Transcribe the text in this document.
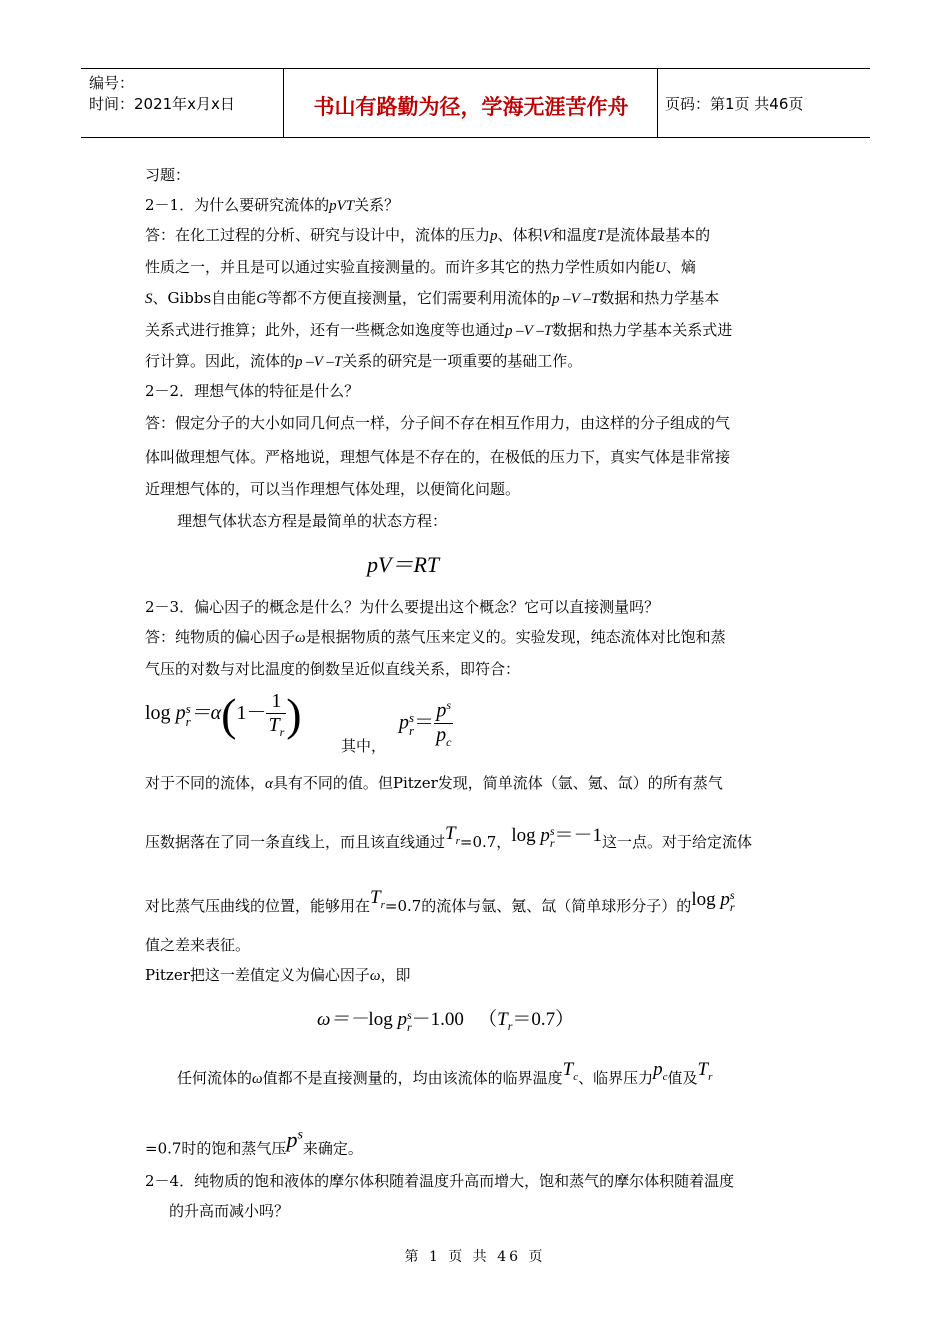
编号：
时间：2021年x月x日	书山有路勤为径，学海无涯苦作舟	页码：第1页 共46页
习题：
2－1．为什么要研究流体的pVT关系？
答：在化工过程的分析、研究与设计中，流体的压力p、体积V和温度T是流体最基本的
性质之一，并且是可以通过实验直接测量的。而许多其它的热力学性质如内能U、熵
S、Gibbs自由能G等都不方便直接测量，它们需要利用流体的p –V –T数据和热力学基本
关系式进行推算；此外，还有一些概念如逸度等也通过p –V –T数据和热力学基本关系式进
行计算。因此，流体的p –V –T关系的研究是一项重要的基础工作。
2－2．理想气体的特征是什么？
答：假定分子的大小如同几何点一样，分子间不存在相互作用力，由这样的分子组成的气
体叫做理想气体。严格地说，理想气体是不存在的，在极低的压力下，真实气体是非常接
近理想气体的，可以当作理想气体处理，以便简化问题。
理想气体状态方程是最简单的状态方程：
pV＝RT
2－3．偏心因子的概念是什么？为什么要提出这个概念？它可以直接测量吗？
答：纯物质的偏心因子ω是根据物质的蒸气压来定义的。实验发现，纯态流体对比饱和蒸
气压的对数与对比温度的倒数呈近似直线关系，即符合：
log p s
$r =\alpha(1- \frac{1}{T_r}$ )
其中，
p s
$r = \frac{p^s}{p_c}$
对于不同的流体，α具有不同的值。但Pitzer发现，简单流体（氩、氪、氙）的所有蒸气
压数据落在了同一条直线上，而且该直线通过$T_r=0.7$，log p s
r ＝－1这一点。对于给定流体
对比蒸气压曲线的位置，能够用在$T_r=0.7$的流体与氩、氪、氙（简单球形分子）的log p s
r
值之差来表征。
Pitzer把这一差值定义为偏心因子ω，即
ω＝－log p s
r －1.00 $(T_r=0.7)$
任何流体的ω值都不是直接测量的，均由该流体的临界温度$T_c$、临界压力$p_c$值及$T_r$
=0.7时的饱和蒸气压$p^s$来确定。
2－4．纯物质的饱和液体的摩尔体积随着温度升高而增大，饱和蒸气的摩尔体积随着温度
的升高而减小吗？
第 1 页 共 46 页
